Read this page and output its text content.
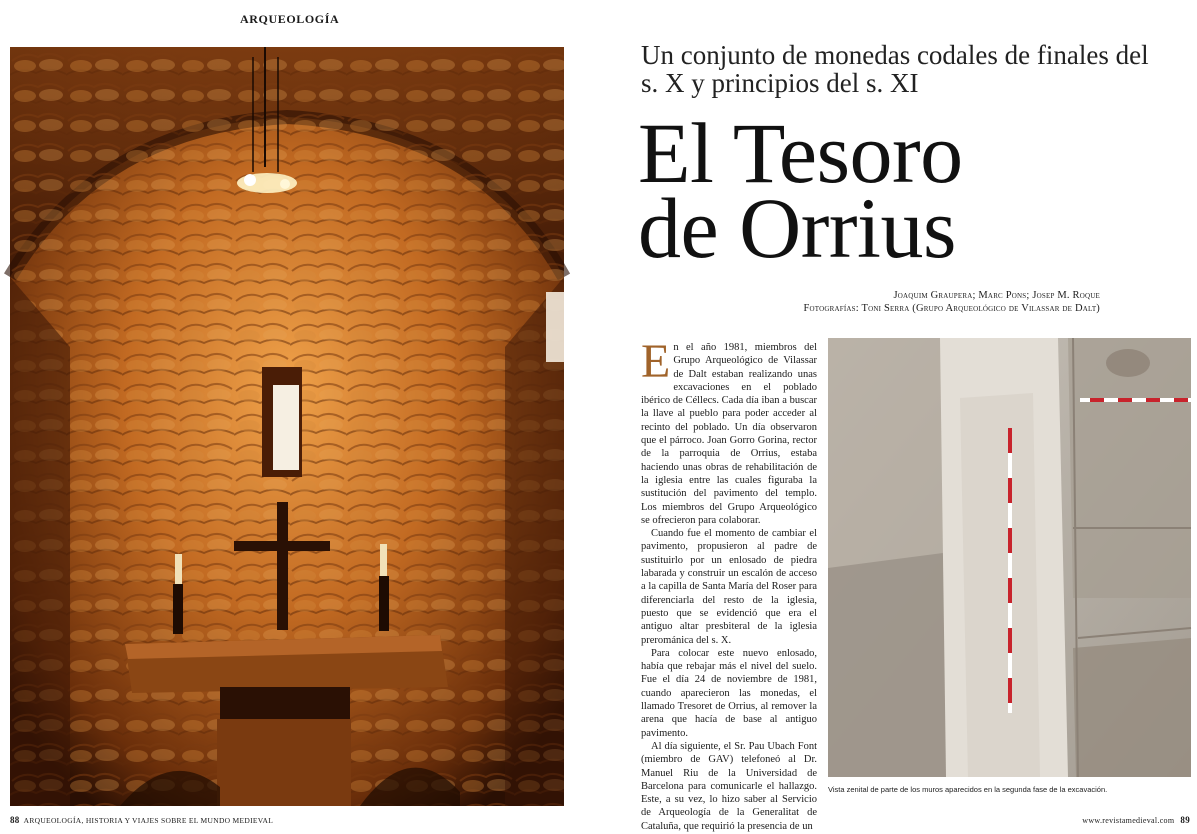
ARQUEOLOGÍA
88 ARQUEOLOGÍA, HISTORIA Y VIAJES SOBRE EL MUNDO MEDIEVAL
Un conjunto de monedas codales de finales del s. X y principios del s. XI
El Tesoro
de Orrius
Joaquim Graupera; Marc Pons; Josep M. Roque
Fotografías: Toni Serra (Grupo Arqueológico de Vilassar de Dalt)

En el año 1981, miembros del Grupo Arqueológico de Vilassar de Dalt estaban realizando unas excavaciones en el poblado ibérico de Céllecs. Cada día iban a buscar la llave al pueblo para poder acceder al recinto del poblado. Un día observaron que el párroco. Joan Gorro Gorina, rector de la parroquia de Orrius, estaba haciendo unas obras de rehabilitación de la iglesia entre las cuales figuraba la sustitución del pavimento del templo. Los miembros del Grupo Arqueológico se ofrecieron para colaborar.

Cuando fue el momento de cambiar el pavimento, propusieron al padre de sustituirlo por un enlosado de piedra labarada y construir un escalón de acceso a la capilla de Santa María del Roser para diferenciarla del resto de la iglesia, puesto que se evidenció que era el antiguo altar presbiteral de la iglesia prerománica del s. X.

Para colocar este nuevo enlosado, había que rebajar más el nivel del suelo. Fue el día 24 de noviembre de 1981, cuando aparecieron las monedas, el llamado Tresoret de Orrius, al remover la arena que hacía de base al antiguo pavimento.

Al día siguiente, el Sr. Pau Ubach Font (miembro de GAV) telefoneó al Dr. Manuel Riu de la Universidad de Barcelona para comunicarle el hallazgo. Este, a su vez, lo hizo saber al Servicio de Arqueología de la Generalitat de Cataluña, que requirió la presencia de un

Vista zenital de parte de los muros aparecidos en la segunda fase de la excavación.
www.revistamedieval.com 89
